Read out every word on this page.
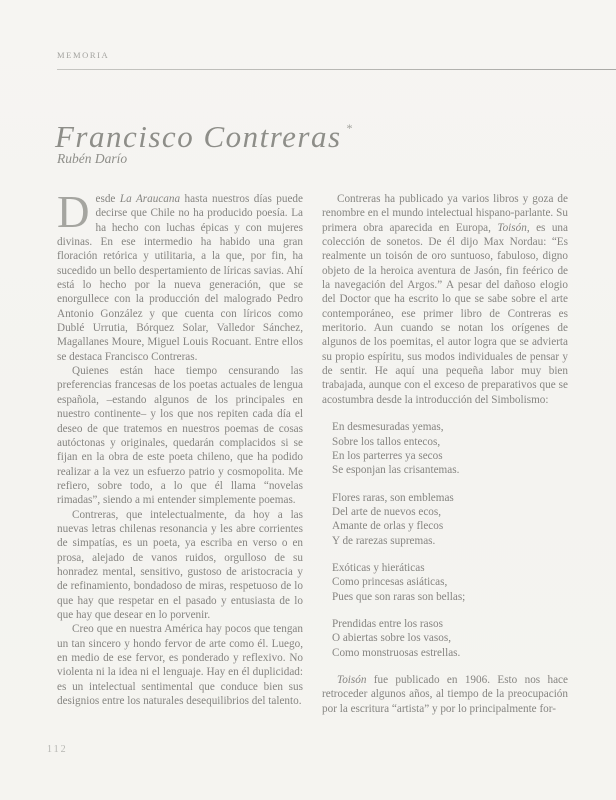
MEMORIA
Francisco Contreras *
Rubén Darío

Desde La Araucana hasta nuestros días puede decirse que Chile no ha producido poesía. La ha hecho con luchas épicas y con mujeres divinas. En ese intermedio ha habido una gran floración retórica y utilitaria, a la que, por fin, ha sucedido un bello despertamiento de líricas savias. Ahí está lo hecho por la nueva generación, que se enorgullece con la producción del malogrado Pedro Antonio González y que cuenta con líricos como Dublé Urrutia, Bórquez Solar, Valledor Sánchez, Magallanes Moure, Miguel Louis Rocuant. Entre ellos se destaca Francisco Contreras.

Quienes están hace tiempo censurando las preferencias francesas de los poetas actuales de lengua española, –estando algunos de los principales en nuestro continente– y los que nos repiten cada día el deseo de que tratemos en nuestros poemas de cosas autóctonas y originales, quedarán complacidos si se fijan en la obra de este poeta chileno, que ha podido realizar a la vez un esfuerzo patrio y cosmopolita. Me refiero, sobre todo, a lo que él llama “novelas rimadas”, siendo a mi entender simplemente poemas.

Contreras, que intelectualmente, da hoy a las nuevas letras chilenas resonancia y les abre corrientes de simpatías, es un poeta, ya escriba en verso o en prosa, alejado de vanos ruidos, orgulloso de su honradez mental, sensitivo, gustoso de aristocracia y de refinamiento, bondadoso de miras, respetuoso de lo que hay que respetar en el pasado y entusiasta de lo que hay que desear en lo porvenir.

Creo que en nuestra América hay pocos que tengan un tan sincero y hondo fervor de arte como él. Luego, en medio de ese fervor, es ponderado y reflexivo. No violenta ni la idea ni el lenguaje. Hay en él duplicidad: es un intelectual sentimental que conduce bien sus designios entre los naturales desequilibrios del talento.

Contreras ha publicado ya varios libros y goza de renombre en el mundo intelectual hispano-parlante. Su primera obra aparecida en Europa, Toisón, es una colección de sonetos. De él dijo Max Nordau: “Es realmente un toisón de oro suntuoso, fabuloso, digno objeto de la heroica aventura de Jasón, fin feérico de la navegación del Argos.” A pesar del dañoso elogio del Doctor que ha escrito lo que se sabe sobre el arte contemporáneo, ese primer libro de Contreras es meritorio. Aun cuando se notan los orígenes de algunos de los poemitas, el autor logra que se advierta su propio espíritu, sus modos individuales de pensar y de sentir. He aquí una pequeña labor muy bien trabajada, aunque con el exceso de preparativos que se acostumbra desde la introducción del Simbolismo:

En desmesuradas yemas,
Sobre los tallos entecos,
En los parterres ya secos
Se esponjan las crisantemas.
Flores raras, son emblemas
Del arte de nuevos ecos,
Amante de orlas y flecos
Y de rarezas supremas.
Exóticas y hieráticas
Como princesas asiáticas,
Pues que son raras son bellas;
Prendidas entre los rasos
O abiertas sobre los vasos,
Como monstruosas estrellas.

Toisón fue publicado en 1906. Esto nos hace retroceder algunos años, al tiempo de la preocupación por la escritura “artista” y por lo principalmente for-

112
